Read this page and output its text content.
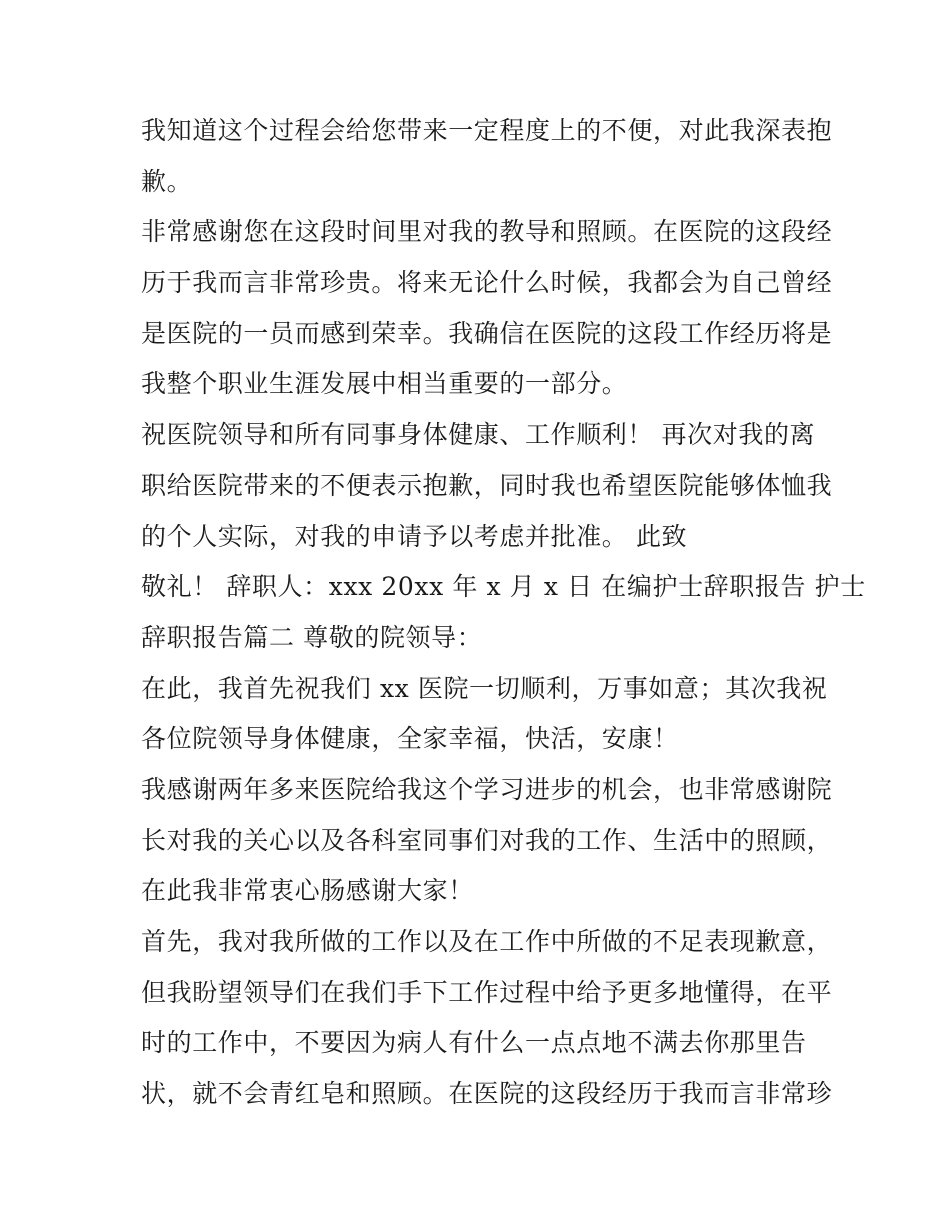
我知道这个过程会给您带来一定程度上的不便，对此我深表抱
歉。
非常感谢您在这段时间里对我的教导和照顾。在医院的这段经
历于我而言非常珍贵。将来无论什么时候，我都会为自己曾经
是医院的一员而感到荣幸。我确信在医院的这段工作经历将是
我整个职业生涯发展中相当重要的一部分。
祝医院领导和所有同事身体健康、工作顺利！ 再次对我的离
职给医院带来的不便表示抱歉，同时我也希望医院能够体恤我
的个人实际，对我的申请予以考虑并批准。 此致
敬礼！ 辞职人：xxx 20xx 年 x 月 x 日 在编护士辞职报告 护士
辞职报告篇二 尊敬的院领导：
在此，我首先祝我们 xx 医院一切顺利，万事如意；其次我祝
各位院领导身体健康，全家幸福，快活，安康！
我感谢两年多来医院给我这个学习进步的机会，也非常感谢院
长对我的关心以及各科室同事们对我的工作、生活中的照顾，
在此我非常衷心肠感谢大家！
首先，我对我所做的工作以及在工作中所做的不足表现歉意，
但我盼望领导们在我们手下工作过程中给予更多地懂得，在平
时的工作中，不要因为病人有什么一点点地不满去你那里告
状，就不会青红皂和照顾。在医院的这段经历于我而言非常珍
